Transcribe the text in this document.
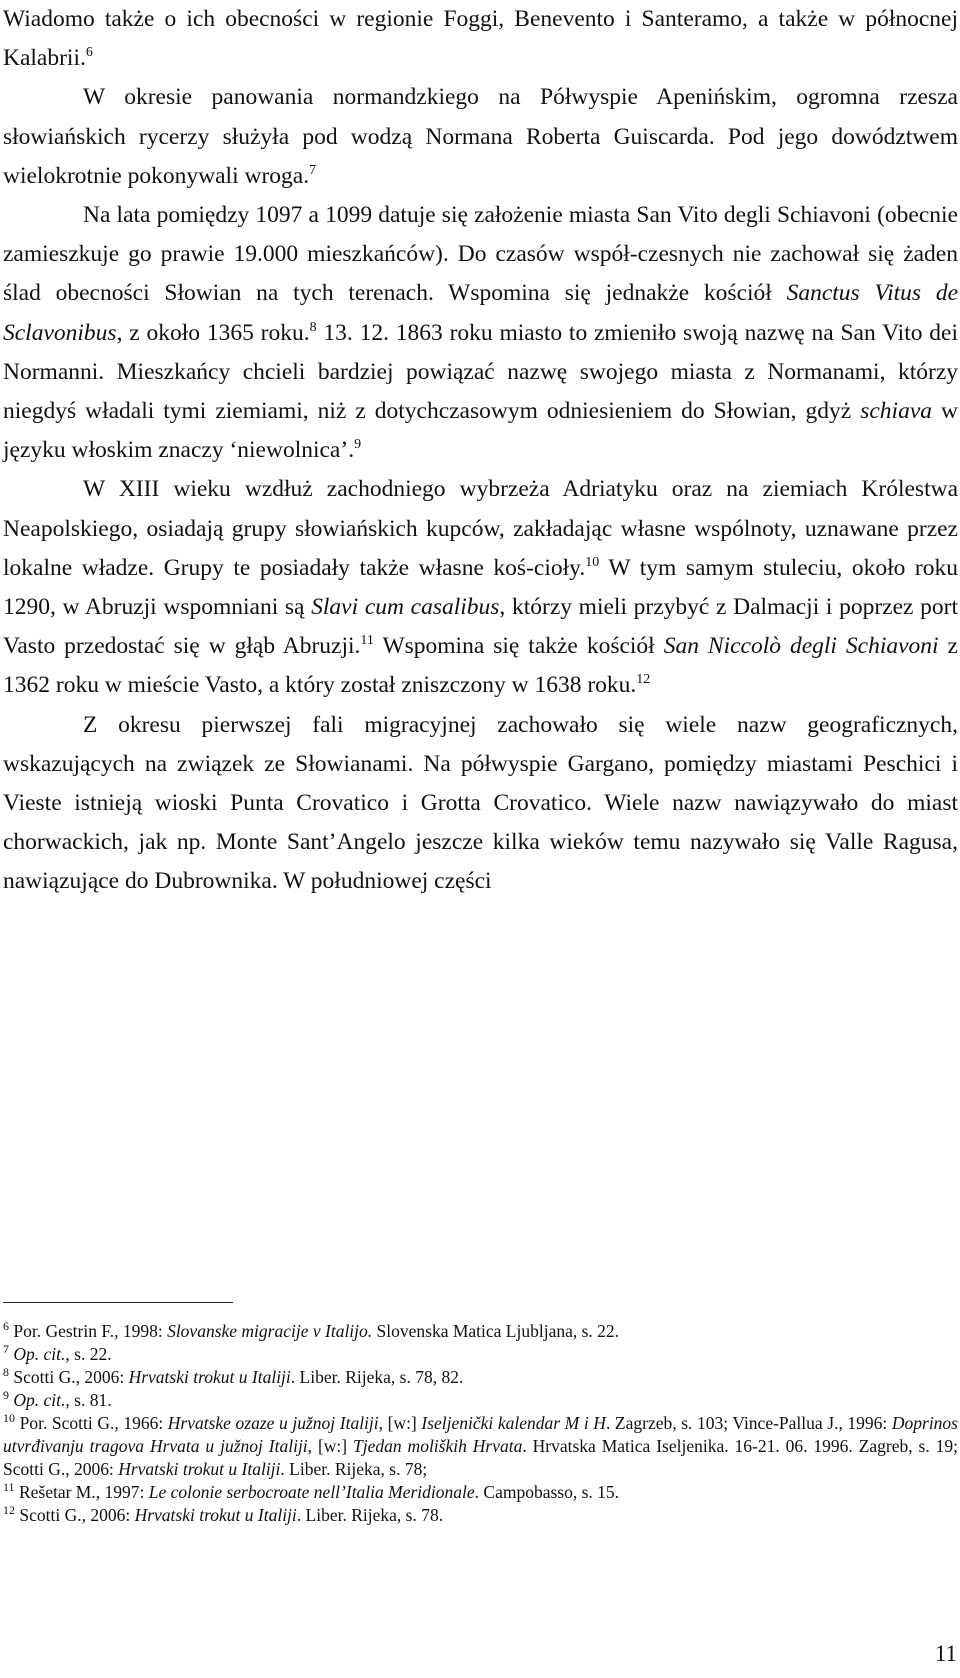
Wiadomo także o ich obecności w regionie Foggi, Benevento i Santeramo, a także w północnej Kalabrii.$^6$

W okresie panowania normandzkiego na Półwyspie Apenińskim, ogromna rzesza słowiańskich rycerzy służyła pod wodzą Normana Roberta Guiscarda. Pod jego dowództwem wielokrotnie pokonywali wroga.$^7$

Na lata pomiędzy 1097 a 1099 datuje się założenie miasta San Vito degli Schiavoni (obecnie zamieszkuje go prawie 19.000 mieszkańców). Do czasów współ-czesnych nie zachował się żaden ślad obecności Słowian na tych terenach. Wspomina się jednakże kościół Sanctus Vitus de Sclavonibus, z około 1365 roku.$^8$ 13. 12. 1863 roku miasto to zmieniło swoją nazwę na San Vito dei Normanni. Mieszkańcy chcieli bardziej powiązać nazwę swojego miasta z Normanami, którzy niegdyś władali tymi ziemiami, niż z dotychczasowym odniesieniem do Słowian, gdyż schiava w języku włoskim znaczy ‘niewolnica’.$^9$

W XIII wieku wzdłuż zachodniego wybrzeża Adriatyku oraz na ziemiach Królestwa Neapolskiego, osiadają grupy słowiańskich kupców, zakładając własne wspólnoty, uznawane przez lokalne władze. Grupy te posiadały także własne koś-cioły.$^{10}$ W tym samym stuleciu, około roku 1290, w Abruzji wspomniani są Slavi cum casalibus, którzy mieli przybyć z Dalmacji i poprzez port Vasto przedostać się w głąb Abruzji.$^{11}$ Wspomina się także kościół San Niccolò degli Schiavoni z 1362 roku w mieście Vasto, a który został zniszczony w 1638 roku.$^{12}$

Z okresu pierwszej fali migracyjnej zachowało się wiele nazw geograficznych, wskazujących na związek ze Słowianami. Na półwyspie Gargano, pomiędzy miastami Peschici i Vieste istnieją wioski Punta Crovatico i Grotta Crovatico. Wiele nazw nawiązywało do miast chorwackich, jak np. Monte Sant’Angelo jeszcze kilka wieków temu nazywało się Valle Ragusa, nawiązujące do Dubrownika. W południowej części

$^6$ Por. Gestrin F., 1998: Slovanske migracije v Italijo. Slovenska Matica Ljubljana, s. 22.
$^7$ Op. cit., s. 22.
$^8$ Scotti G., 2006: Hrvatski trokut u Italiji. Liber. Rijeka, s. 78, 82.
$^9$ Op. cit., s. 81.
$^{10}$ Por. Scotti G., 1966: Hrvatske ozaze u južnoj Italiji, [w:] Iseljenički kalendar M i H. Zagrzeb, s. 103; Vince-Pallua J., 1996: Doprinos utvrđivanju tragova Hrvata u južnoj Italiji, [w:] Tjedan moliških Hrvata. Hrvatska Matica Iseljenika. 16-21. 06. 1996. Zagreb, s. 19; Scotti G., 2006: Hrvatski trokut u Italiji. Liber. Rijeka, s. 78;
$^{11}$ Rešetar M., 1997: Le colonie serbocroate nell’Italia Meridionale. Campobasso, s. 15.
$^{12}$ Scotti G., 2006: Hrvatski trokut u Italiji. Liber. Rijeka, s. 78.
11
